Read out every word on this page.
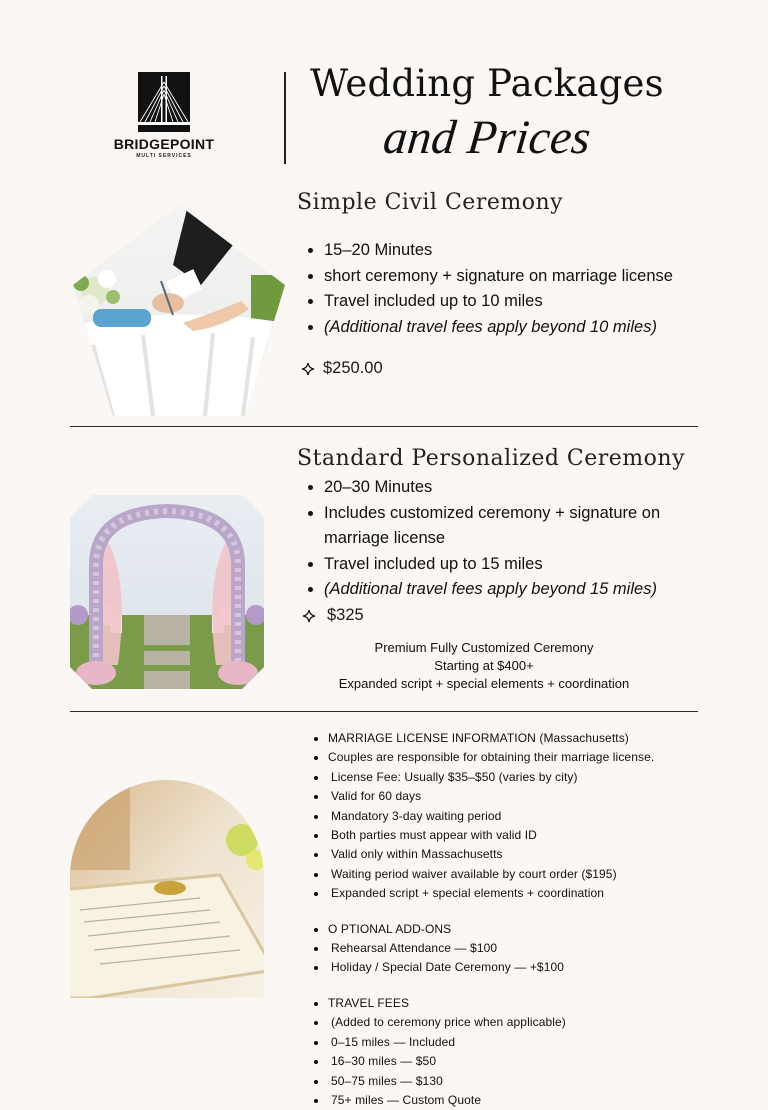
BRIDGEPOINT
MULTI SERVICES
Wedding Packages
and Prices
Simple Civil Ceremony
15–20 Minutes
short ceremony + signature on marriage license
Travel included up to 10 miles
(Additional travel fees apply beyond 10 miles)
$250.00
Standard Personalized Ceremony
20–30 Minutes
Includes customized ceremony + signature on marriage license
Travel included up to 15 miles
(Additional travel fees apply beyond 15 miles)
$325
Premium Fully Customized Ceremony
Starting at $400+
Expanded script + special elements + coordination
MARRIAGE LICENSE INFORMATION (Massachusetts)
Couples are responsible for obtaining their marriage license.
License Fee: Usually $35–$50 (varies by city)
Valid for 60 days
Mandatory 3-day waiting period
Both parties must appear with valid ID
Valid only within Massachusetts
Waiting period waiver available by court order ($195)
Expanded script + special elements + coordination
O PTIONAL ADD-ONS
Rehearsal Attendance — $100
Holiday / Special Date Ceremony — +$100
TRAVEL FEES
(Added to ceremony price when applicable)
0–15 miles — Included
16–30 miles — $50
50–75 miles — $130
75+ miles — Custom Quote
